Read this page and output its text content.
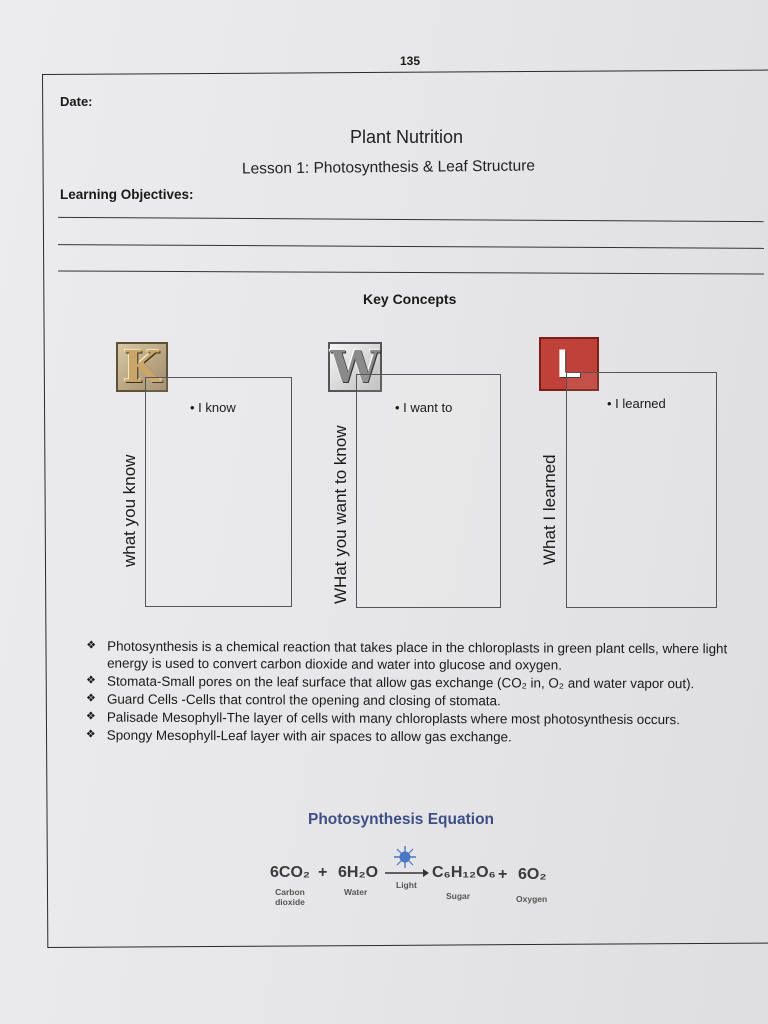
135
Date:
Plant Nutrition
Lesson 1: Photosynthesis & Leaf Structure
Learning Objectives:
Key Concepts
K
• I know
what you know
W
• I want to
WHat you want to know
L
• I learned
What I learned
❖ Photosynthesis is a chemical reaction that takes place in the chloroplasts in green plant cells, where light energy is used to convert carbon dioxide and water into glucose and oxygen.
❖ Stomata-Small pores on the leaf surface that allow gas exchange (CO₂ in, O₂ and water vapor out).
❖ Guard Cells -Cells that control the opening and closing of stomata.
❖ Palisade Mesophyll-The layer of cells with many chloroplasts where most photosynthesis occurs.
❖ Spongy Mesophyll-Leaf layer with air spaces to allow gas exchange.
Photosynthesis Equation
6CO₂ + 6H₂O
Light
C₆H₁₂O₆ + 6O₂
Carbon dioxide
Water	Sugar	Oxygen
